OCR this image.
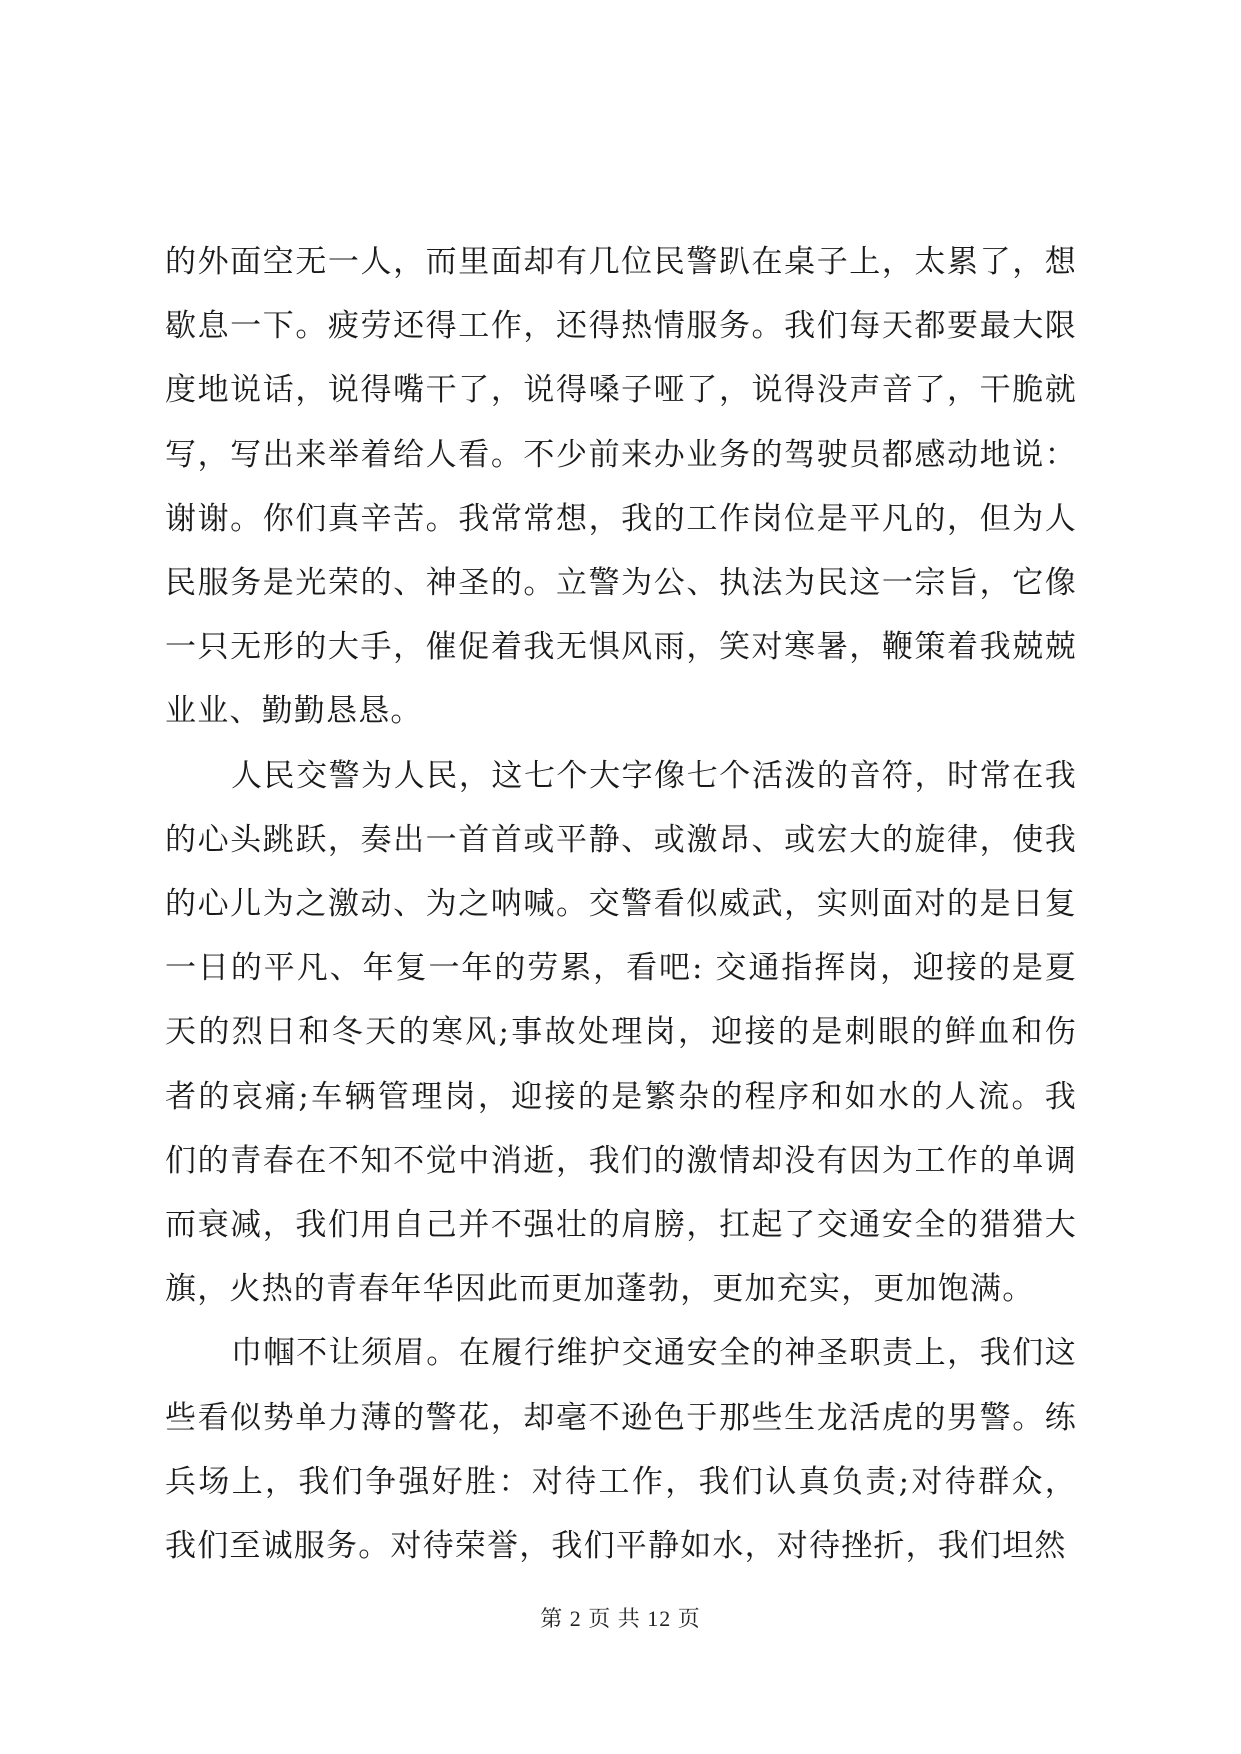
的外面空无一人，而里面却有几位民警趴在桌子上，太累了，想歇息一下。疲劳还得工作，还得热情服务。我们每天都要最大限度地说话，说得嘴干了，说得嗓子哑了，说得没声音了，干脆就写，写出来举着给人看。不少前来办业务的驾驶员都感动地说：谢谢。你们真辛苦。我常常想，我的工作岗位是平凡的，但为人民服务是光荣的、神圣的。立警为公、执法为民这一宗旨，它像一只无形的大手，催促着我无惧风雨，笑对寒暑，鞭策着我兢兢业业、勤勤恳恳。

人民交警为人民，这七个大字像七个活泼的音符，时常在我的心头跳跃，奏出一首首或平静、或激昂、或宏大的旋律，使我的心儿为之激动、为之呐喊。交警看似威武，实则面对的是日复一日的平凡、年复一年的劳累，看吧: 交通指挥岗，迎接的是夏天的烈日和冬天的寒风;事故处理岗，迎接的是刺眼的鲜血和伤者的哀痛;车辆管理岗，迎接的是繁杂的程序和如水的人流。我们的青春在不知不觉中消逝，我们的激情却没有因为工作的单调而衰减，我们用自己并不强壮的肩膀，扛起了交通安全的猎猎大旗，火热的青春年华因此而更加蓬勃，更加充实，更加饱满。

巾帼不让须眉。在履行维护交通安全的神圣职责上，我们这些看似势单力薄的警花，却毫不逊色于那些生龙活虎的男警。练兵场上，我们争强好胜：对待工作，我们认真负责;对待群众，我们至诚服务。对待荣誉，我们平静如水，对待挫折，我们坦然

第 2 页 共 12 页
